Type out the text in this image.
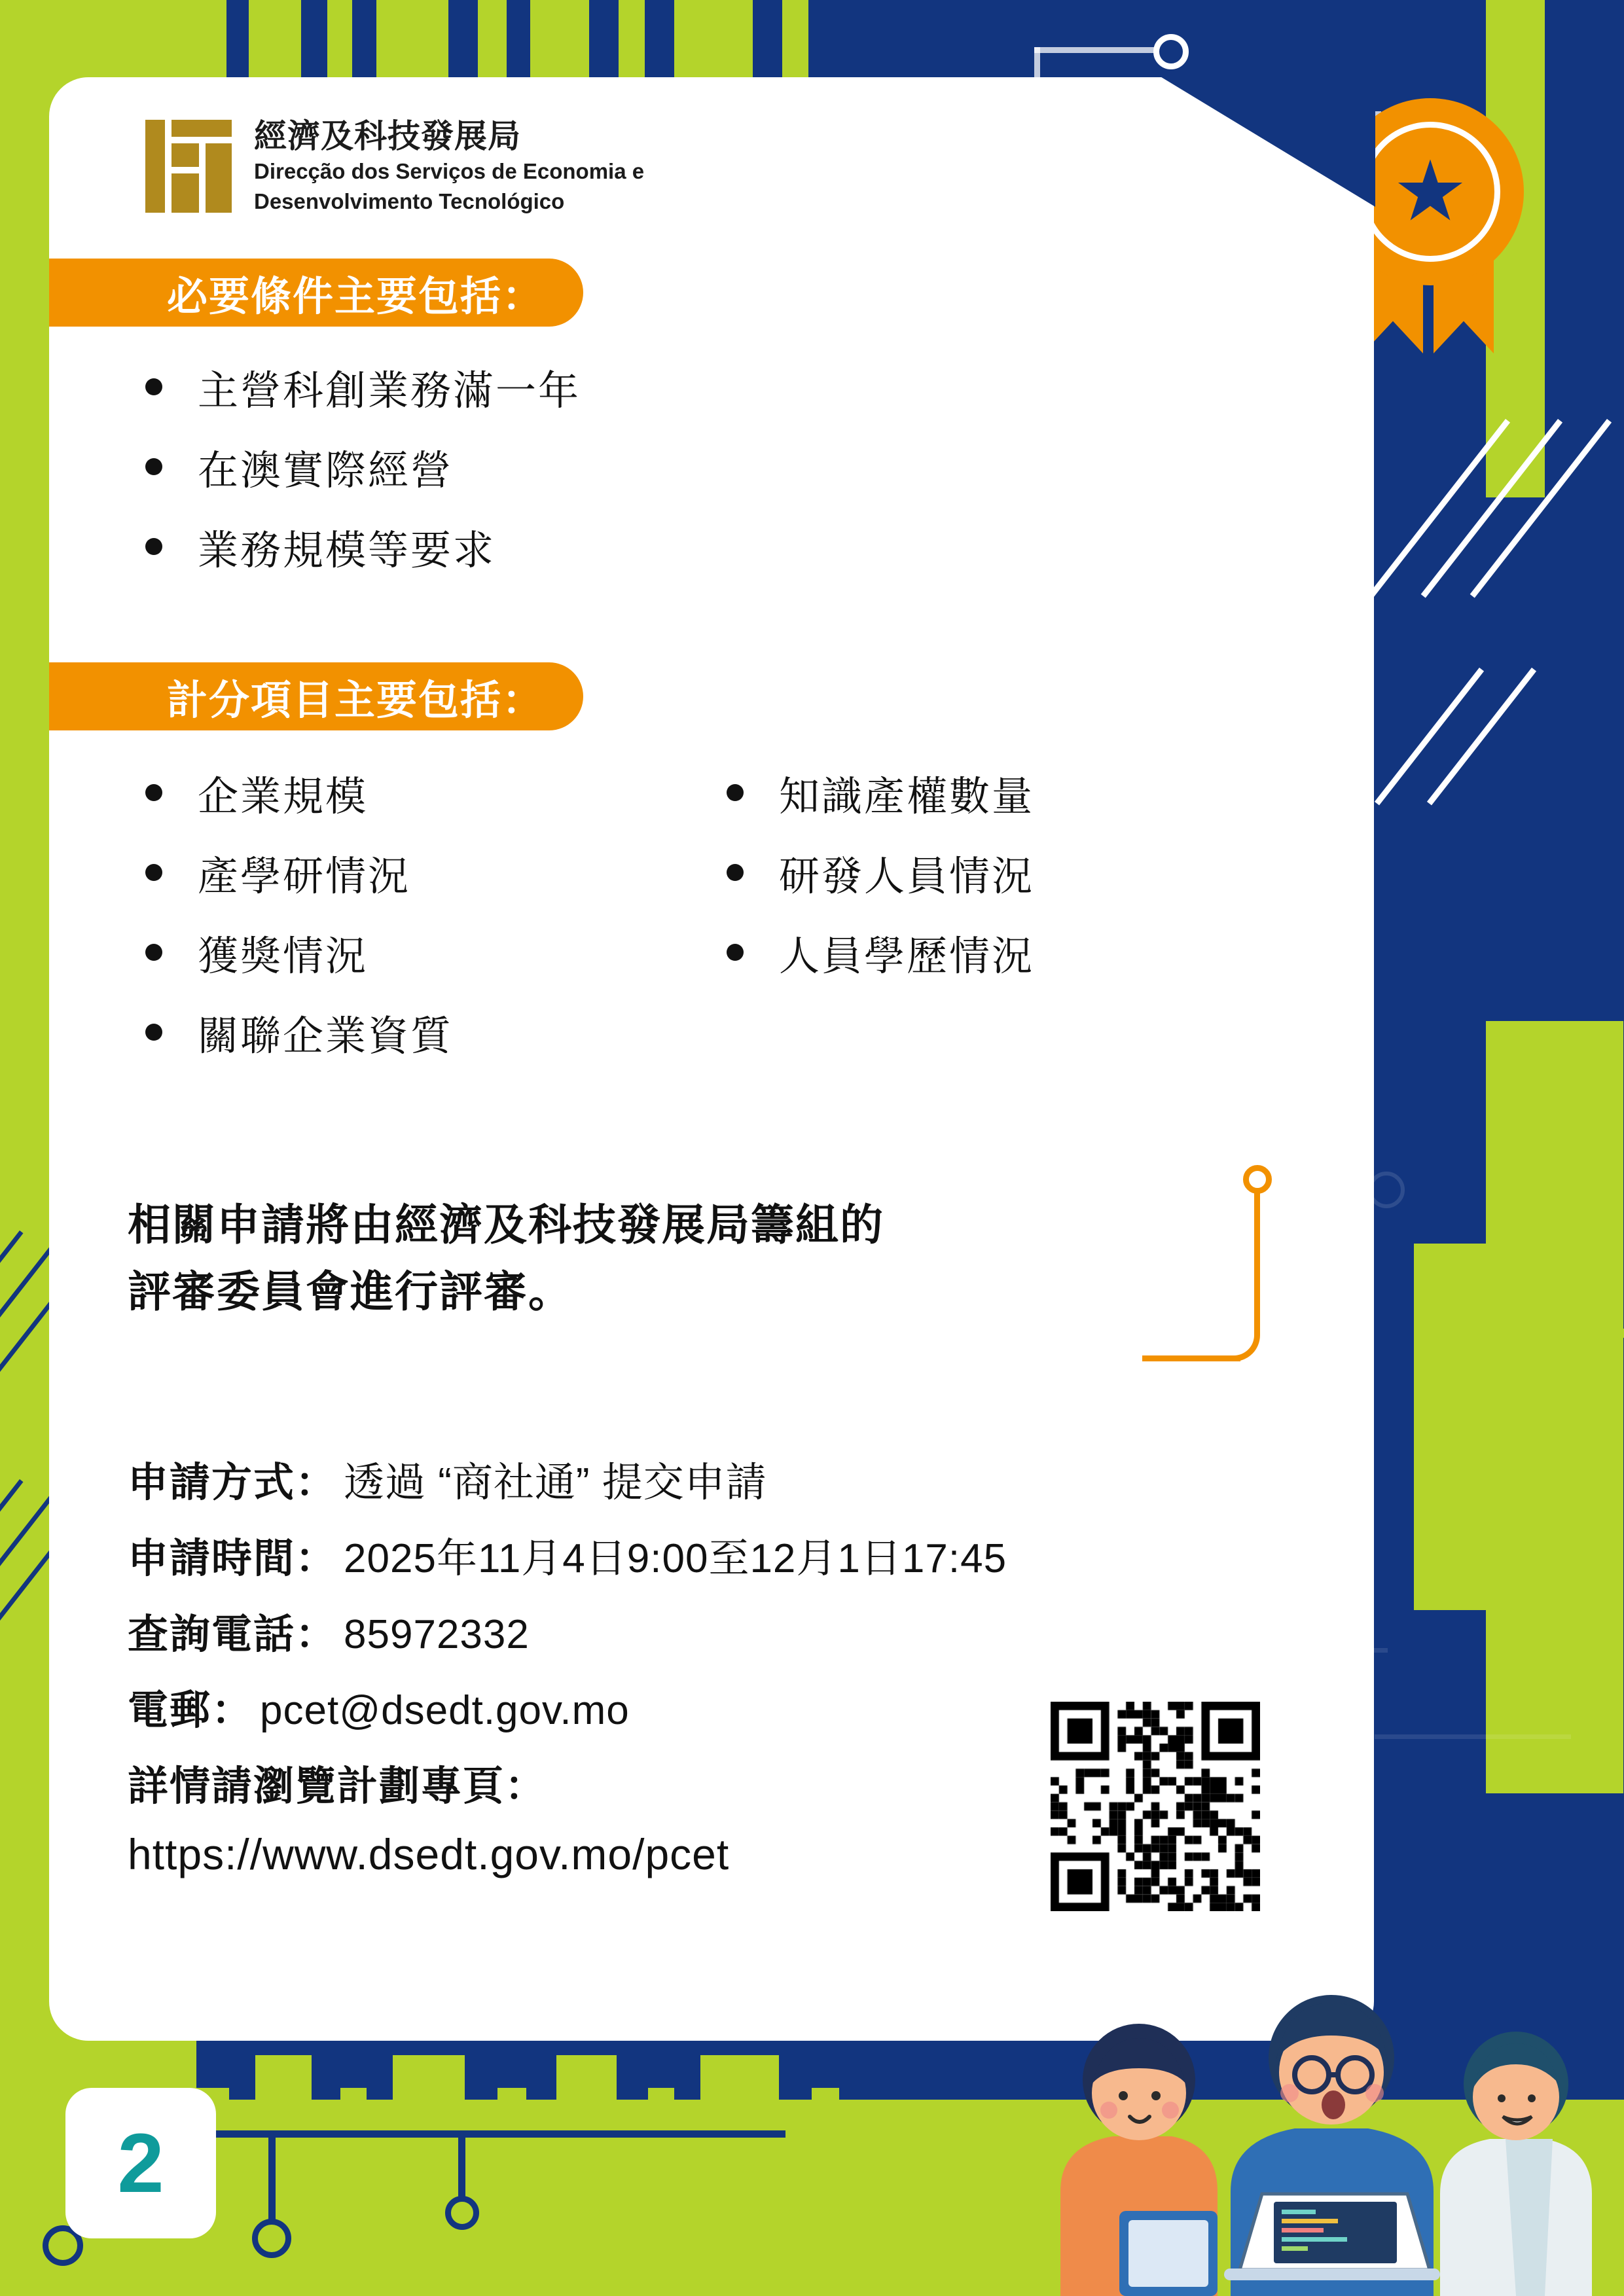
★
經濟及科技發展局
Direcção dos Serviços de Economia e
Desenvolvimento Tecnológico
必要條件主要包括：
主營科創業務滿一年
在澳實際經營
業務規模等要求
計分項目主要包括：
企業規模
產學研情況
獲獎情況
關聯企業資質
知識產權數量
研發人員情況
人員學歷情況

相關申請將由經濟及科技發展局籌組的

評審委員會進行評審。

申請方式： 透過 “商社通” 提交申請
申請時間： 2025年11月4日9:00至12月1日17:45
查詢電話： 85972332
電郵： pcet@dsedt.gov.mo
詳情請瀏覽計劃專頁：
https://www.dsedt.gov.mo/pcet
2
